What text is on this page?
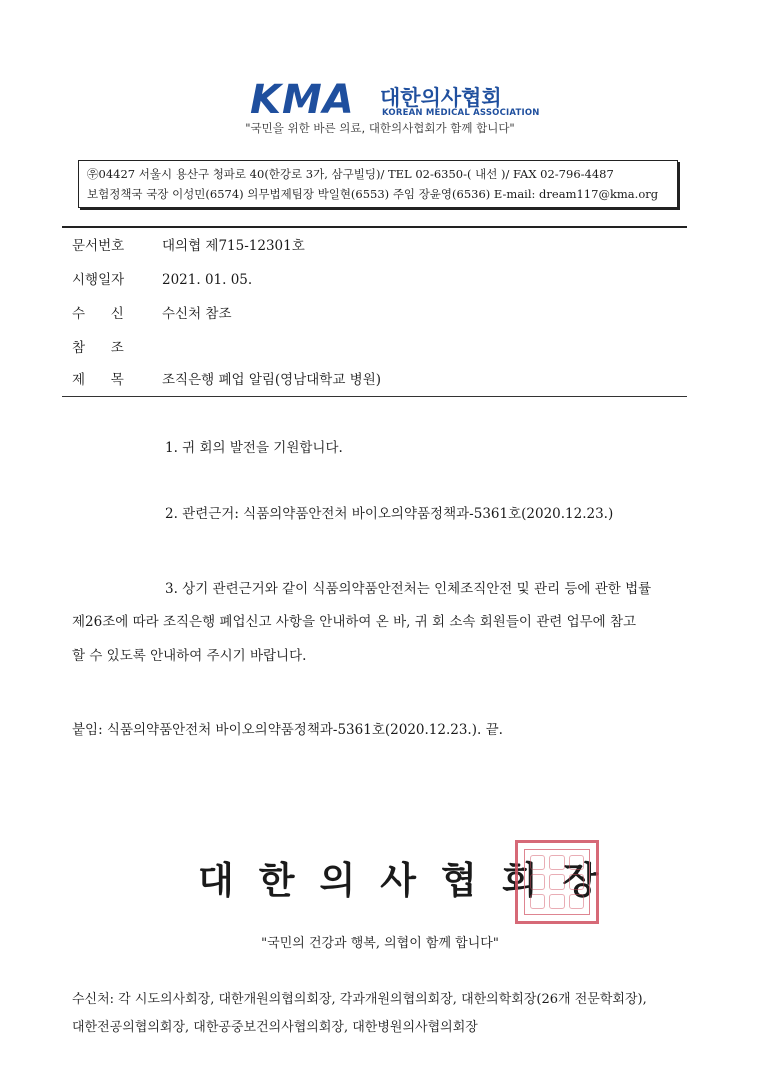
KMA 대한의사협회
KOREAN MEDICAL ASSOCIATION
"국민을 위한 바른 의료, 대한의사협회가 함께 합니다"
㉾04427 서울시 용산구 청파로 40(한강로 3가, 삼구빌딩)/ TEL 02-6350-( 내선 )/ FAX 02-796-4487
보험정책국 국장 이성민(6574) 의무법제팀장 박일현(6553) 주임 장윤영(6536) E-mail: dream117@kma.org
문서번호	대의협 제715-12301호
시행일자	2021. 01. 05.
수      신	수신처 참조
참      조
제      목	조직은행 폐업 알림(영남대학교 병원)
1. 귀 회의 발전을 기원합니다.
2. 관련근거: 식품의약품안전처 바이오의약품정책과-5361호(2020.12.23.)
3. 상기 관련근거와 같이 식품의약품안전처는 인체조직안전 및 관리 등에 관한 법률
제26조에 따라 조직은행 폐업신고 사항을 안내하여 온 바, 귀 회 소속 회원들이 관련 업무에 참고
할 수 있도록 안내하여 주시기 바랍니다.
붙임: 식품의약품안전처 바이오의약품정책과-5361호(2020.12.23.). 끝.
대한의사협회장
"국민의 건강과 행복, 의협이 함께 합니다"
수신처: 각 시도의사회장, 대한개원의협의회장, 각과개원의협의회장, 대한의학회장(26개 전문학회장),
대한전공의협의회장, 대한공중보건의사협의회장, 대한병원의사협의회장
